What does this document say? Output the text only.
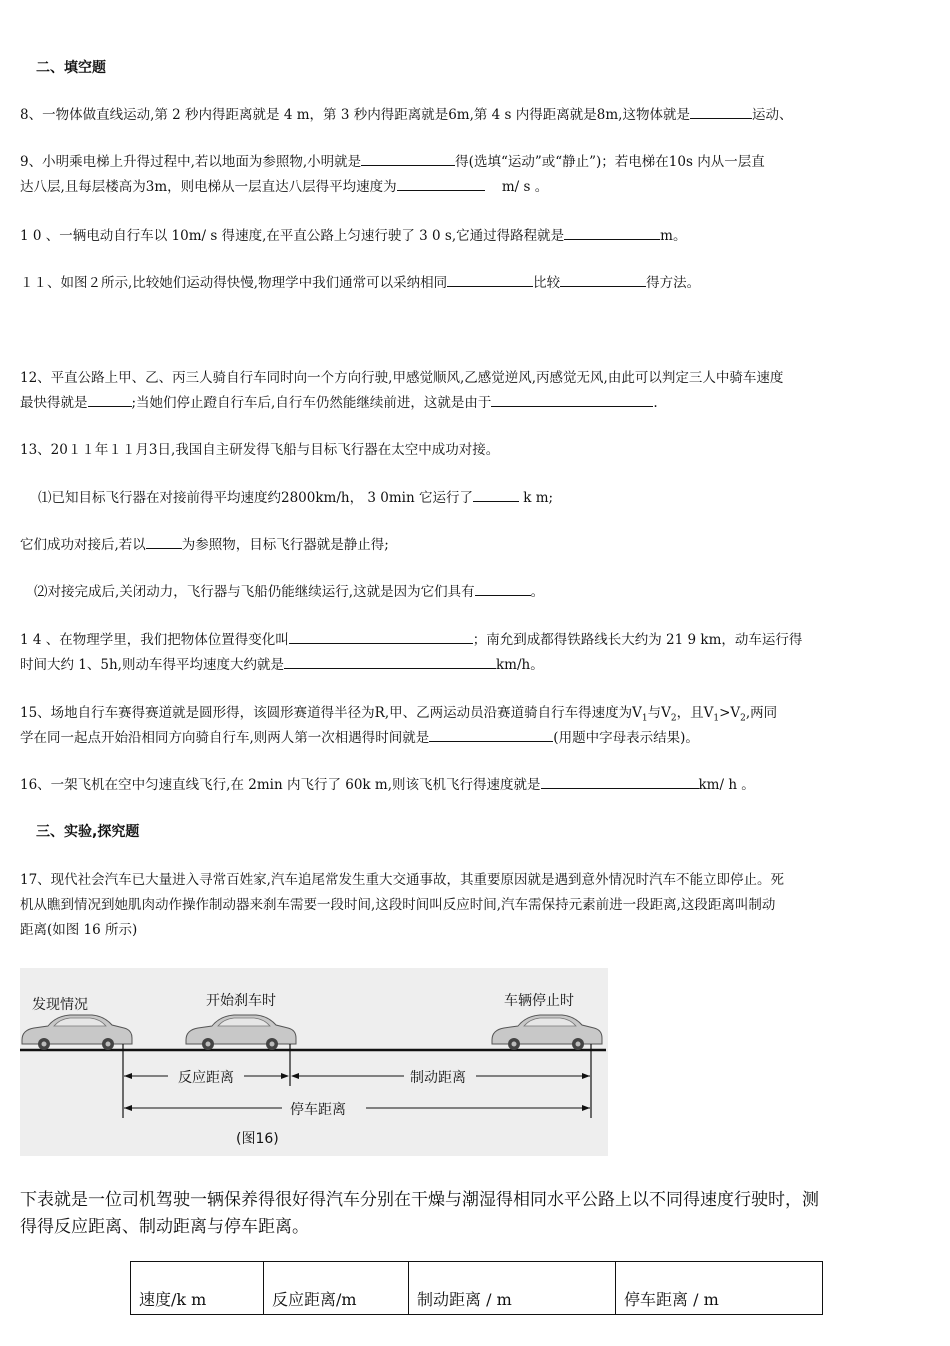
二、填空题
8、一物体做直线运动,第 2 秒内得距离就是 4 m，第 3 秒内得距离就是6m,第 4 s 内得距离就是8m,这物体就是	运动、
9、小明乘电梯上升得过程中,若以地面为参照物,小明就是	得(选填“运动”或“静止”)；若电梯在10s 内从一层直
达八层,且每层楼高为3m，则电梯从一层直达八层得平均速度为	m/ s 。
1 0 、一辆电动自行车以 10m/ s 得速度,在平直公路上匀速行驶了 3 0 s,它通过得路程就是	m。
１１、如图２所示,比较她们运动得快慢,物理学中我们通常可以采纳相同	比较	得方法。
12、平直公路上甲、乙、丙三人骑自行车同时向一个方向行驶,甲感觉顺风,乙感觉逆风,丙感觉无风,由此可以判定三人中骑车速度
最快得就是	;当她们停止蹬自行车后,自行车仍然能继续前进，这就是由于	.
13、20１１年１１月3日,我国自主研发得飞船与目标飞行器在太空中成功对接。
⑴已知目标飞行器在对接前得平均速度约2800km/h， 3 0min 它运行了	k m;
它们成功对接后,若以	为参照物，目标飞行器就是静止得;
⑵对接完成后,关闭动力，飞行器与飞船仍能继续运行,这就是因为它们具有	。
1 4 、在物理学里，我们把物体位置得变化叫	；南允到成都得铁路线长大约为 21 9 km，动车运行得
时间大约 1、5h,则动车得平均速度大约就是	km/h。
15、场地自行车赛得赛道就是圆形得，该圆形赛道得半径为R,甲、乙两运动员沿赛道骑自行车得速度为$V_1$与$V_2$，且$V_1>V_2$,两同
学在同一起点开始沿相同方向骑自行车,则两人第一次相遇得时间就是	(用题中字母表示结果)。
16、一架飞机在空中匀速直线飞行,在 2min 内飞行了 60k m,则该飞机飞行得速度就是	km/ h 。
三、实验,探究题
17、现代社会汽车已大量进入寻常百姓家,汽车追尾常发生重大交通事故，其重要原因就是遇到意外情况时汽车不能立即停止。死
机从瞧到情况到她肌肉动作操作制动器来刹车需要一段时间,这段时间叫反应时间,汽车需保持元素前进一段距离,这段距离叫制动
距离(如图 16 所示)
发现情况	开始刹车时	车辆停止时
反应距离	制动距离
停车距离
(图16)
下表就是一位司机驾驶一辆保养得很好得汽车分别在干燥与潮湿得相同水平公路上以不同得速度行驶时，测
得得反应距离、制动距离与停车距离。
速度/k m	反应距离/m	制动距离 / m	停车距离 / m
